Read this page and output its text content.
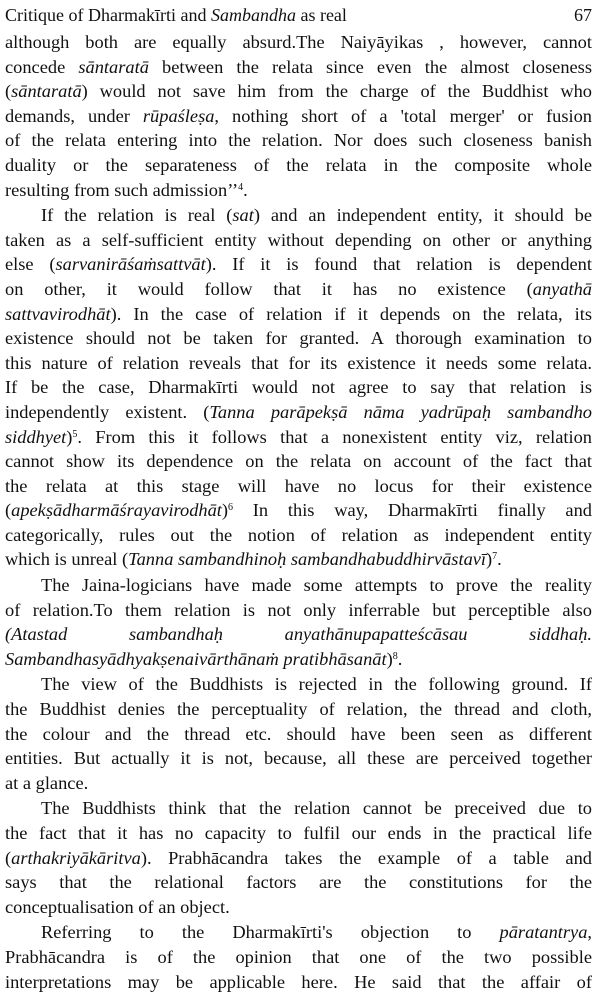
Critique of Dharmakīrti and Sambandha as real	67
although both are equally absurd.The Naiyāyikas , however, cannot
concede sāntaratā between the relata since even the almost closeness
(sāntaratā) would not save him from the charge of the Buddhist who
demands, under rūpaśleṣa, nothing short of a 'total merger' or fusion
of the relata entering into the relation. Nor does such closeness banish
duality or the separateness of the relata in the composite whole
resulting from such admission’’$^4$.
If the relation is real (sat) and an independent entity, it should be
taken as a self-sufficient entity without depending on other or anything
else (sarvanirāśaṁsattvāt). If it is found that relation is dependent
on other, it would follow that it has no existence (anyathā
sattvavirodhāt). In the case of relation if it depends on the relata, its
existence should not be taken for granted. A thorough examination to
this nature of relation reveals that for its existence it needs some relata.
If be the case, Dharmakīrti would not agree to say that relation is
independently existent. (Tanna parāpekṣā nāma yadrūpaḥ sambandho
siddhyet)$^5$. From this it follows that a nonexistent entity viz, relation
cannot show its dependence on the relata on account of the fact that
the relata at this stage will have no locus for their existence
(apekṣādharmāśrayavirodhāt)$^6$ In this way, Dharmakīrti finally and
categorically, rules out the notion of relation as independent entity
which is unreal (Tanna sambandhinoḥ sambandhabuddhirvāstavī)$^7$.
The Jaina-logicians have made some attempts to prove the reality
of relation.To them relation is not only inferrable but perceptible also
(Atastad sambandhaḥ anyathānupapatteścāsau siddhaḥ.
Sambandhasyādhyakṣenaivārthānaṁ pratibhāsanāt)$^8$.
The view of the Buddhists is rejected in the following ground. If
the Buddhist denies the perceptuality of relation, the thread and cloth,
the colour and the thread etc. should have been seen as different
entities. But actually it is not, because, all these are perceived together
at a glance.
The Buddhists think that the relation cannot be preceived due to
the fact that it has no capacity to fulfil our ends in the practical life
(arthakriyākāritva). Prabhācandra takes the example of a table and
says that the relational factors are the constitutions for the
conceptualisation of an object.
Referring to the Dharmakīrti's objection to pāratantrya,
Prabhācandra is of the opinion that one of the two possible
interpretations may be applicable here. He said that the affair of
